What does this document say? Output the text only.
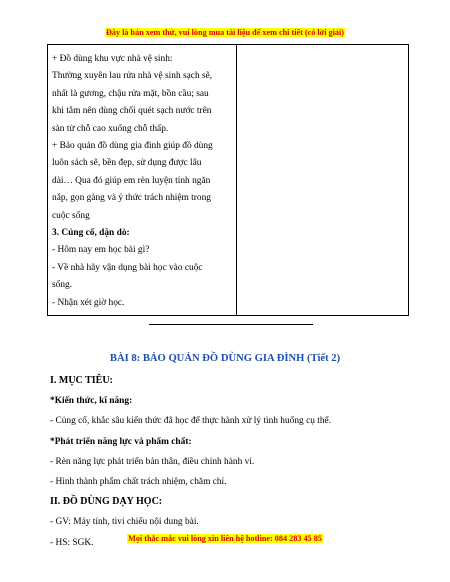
Đây là bản xem thử, vui lòng mua tài liệu để xem chi tiết (có lời giải)

+ Đồ dùng khu vực nhà vệ sinh:

Thường xuyên lau rửa nhà vệ sinh sạch sẽ,

nhất là gương, chậu rửa mặt, bồn cầu; sau

khi tắm nên dùng chổi quét sạch nước trên

sàn từ chỗ cao xuống chỗ thấp.

+ Bảo quản đồ dùng gia đình giúp đồ dùng

luôn sách sẽ, bền đẹp, sử dụng được lâu

dài… Qua đó giúp em rèn luyện tính ngăn

nắp, gọn gàng và ý thức trách nhiệm trong

cuộc sống

3. Củng cố, dặn dò:

- Hôm nay em học bài gì?

- Về nhà hãy vận dụng bài học vào cuộc

sống.

- Nhận xét giờ học.

BÀI 8: BẢO QUẢN ĐỒ DÙNG GIA ĐÌNH (Tiết 2)

I. MỤC TIÊU:

*Kiến thức, kĩ năng:

- Củng cố, khắc sâu kiến thức đã học để thực hành xử lý tình huống cụ thể.

*Phát triển năng lực và phẩm chất:

- Rèn năng lực phát triển bản thân, điều chỉnh hành vi.

- Hình thành phẩm chất trách nhiệm, chăm chỉ.

II. ĐỒ DÙNG DẠY HỌC:

- GV: Máy tính, tivi chiếu nội dung bài.

- HS: SGK.	Mọi thắc mắc vui lòng xin liên hệ hotline: 084 283 45 85
